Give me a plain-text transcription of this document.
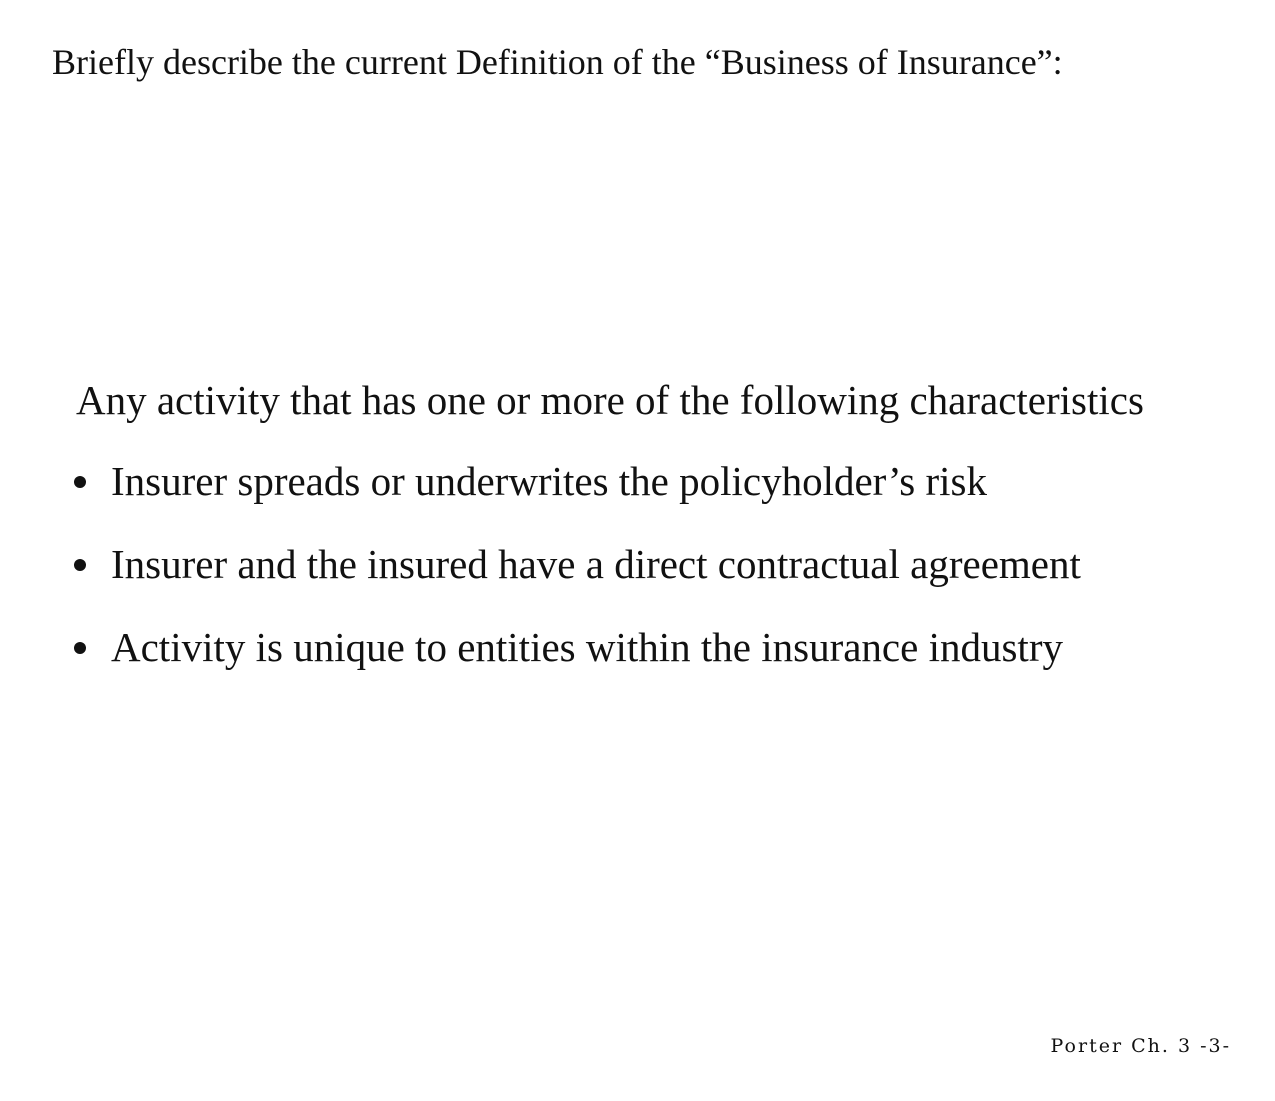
Briefly describe the current Definition of the “Business of Insurance”:

Any activity that has one or more of the following characteristics

Insurer spreads or underwrites the policyholder’s risk
Insurer and the insured have a direct contractual agreement
Activity is unique to entities within the insurance industry
Porter Ch. 3 -3-
